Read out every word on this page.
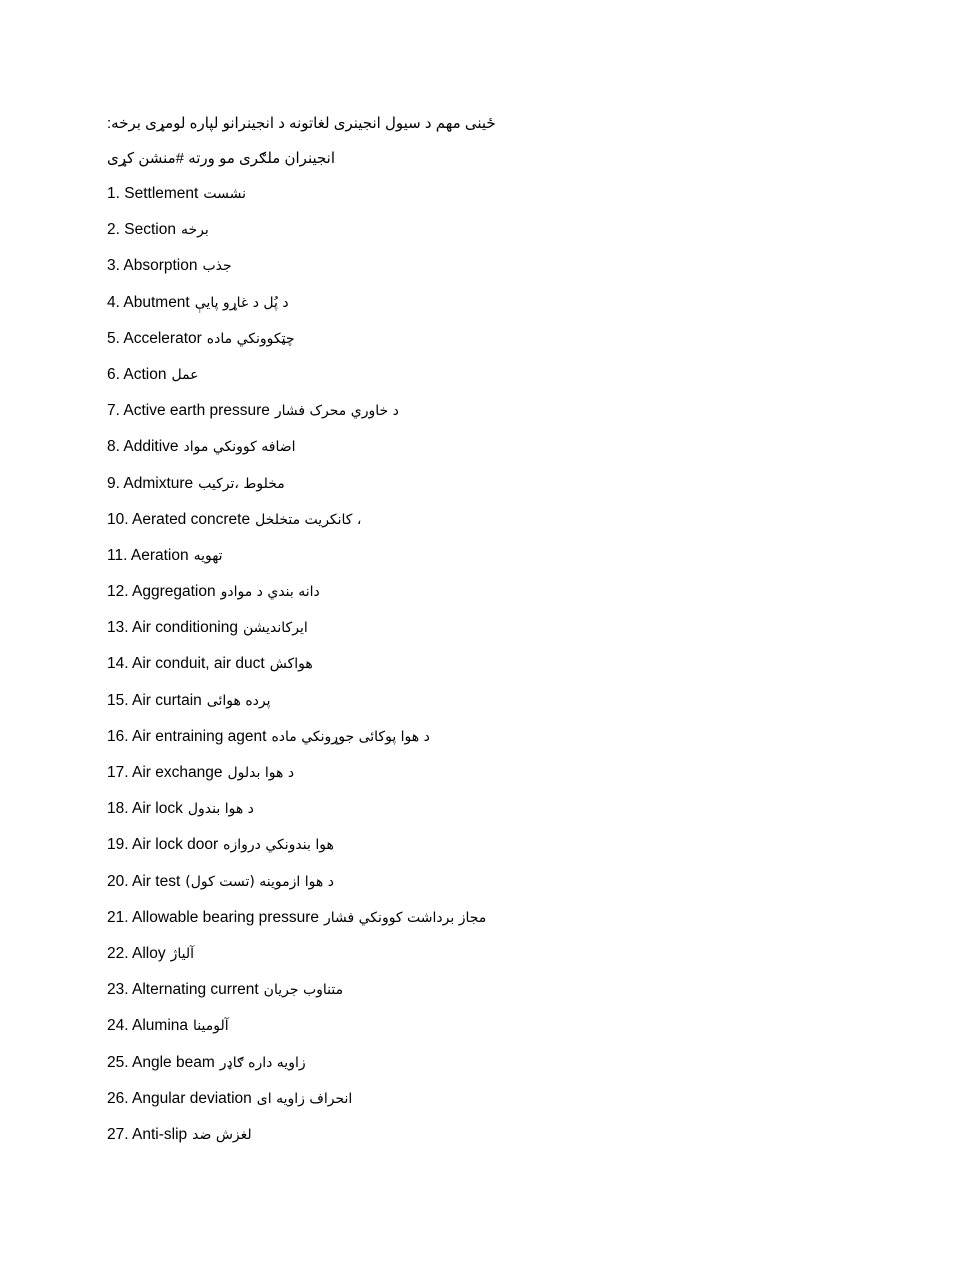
ځینی مهم د سیول انجینری لغاتونه د انجینرانو لپاره لومړی برخه:
انجینران ملګری مو ورته #منشن کړی
1. Settlement نشست
2. Section برخه
3. Absorption جذب
4. Abutment د پُل د غاړو پايې
5. Accelerator چټکوونکي ماده
6. Action عمل
7. Active earth pressure د خاوري محرک فشار
8. Additive اضافه کوونکي مواد
9. Admixture مخلوط ،ترکيب
10. Aerated concrete ، کانکریت متخلخل
11. Aeration تهويه
12. Aggregation دانه بندي د موادو
13. Air conditioning ایرکانديشن
14. Air conduit, air duct هواکش
15. Air curtain پرده هوائی
16. Air entraining agent د هوا پوکائی جوړونکي ماده
17. Air exchange د هوا بدلول
18. Air lock د هوا بندول
19. Air lock door هوا بندونکي دروازه
20. Air test د هوا ازموینه (تست کول)
21. Allowable bearing pressure مجاز برداشت کوونکي فشار
22. Alloy آلياژ
23. Alternating current متناوب جريان
24. Alumina آلومینا
25. Angle beam زاويه داره ګاډر
26. Angular deviation انحراف زاويه ای
27. Anti-slip لغزش ضد
